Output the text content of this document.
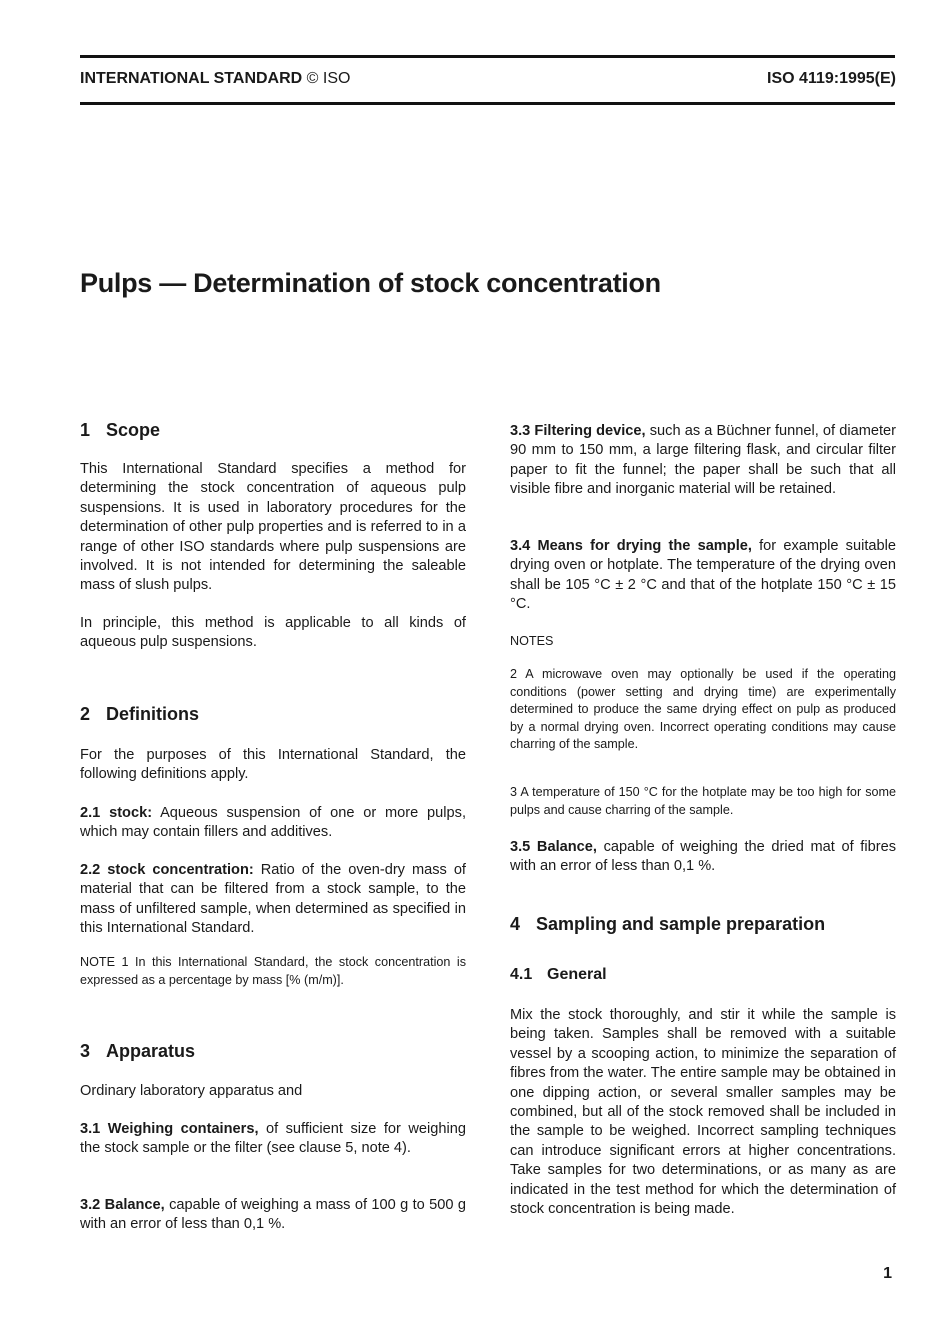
INTERNATIONAL STANDARD © ISO	ISO 4119:1995(E)
Pulps — Determination of stock concentration
1 Scope

This International Standard specifies a method for determining the stock concentration of aqueous pulp suspensions. It is used in laboratory procedures for the determination of other pulp properties and is referred to in a range of other ISO standards where pulp suspensions are involved. It is not intended for determining the saleable mass of slush pulps.

In principle, this method is applicable to all kinds of aqueous pulp suspensions.

2 Definitions

For the purposes of this International Standard, the following definitions apply.

2.1 stock: Aqueous suspension of one or more pulps, which may contain fillers and additives.

2.2 stock concentration: Ratio of the oven-dry mass of material that can be filtered from a stock sample, to the mass of unfiltered sample, when determined as specified in this International Standard.

NOTE 1 In this International Standard, the stock concentration is expressed as a percentage by mass [% (m/m)].

3 Apparatus

Ordinary laboratory apparatus and

3.1 Weighing containers, of sufficient size for weighing the stock sample or the filter (see clause 5, note 4).

3.2 Balance, capable of weighing a mass of 100 g to 500 g with an error of less than 0,1 %.

3.3 Filtering device, such as a Büchner funnel, of diameter 90 mm to 150 mm, a large filtering flask, and circular filter paper to fit the funnel; the paper shall be such that all visible fibre and inorganic material will be retained.

3.4 Means for drying the sample, for example suitable drying oven or hotplate. The temperature of the drying oven shall be 105 °C ± 2 °C and that of the hotplate 150 °C ± 15 °C.

NOTES

2 A microwave oven may optionally be used if the operating conditions (power setting and drying time) are experimentally determined to produce the same drying effect on pulp as produced by a normal drying oven. Incorrect operating conditions may cause charring of the sample.

3 A temperature of 150 °C for the hotplate may be too high for some pulps and cause charring of the sample.

3.5 Balance, capable of weighing the dried mat of fibres with an error of less than 0,1 %.

4 Sampling and sample preparation
4.1 General

Mix the stock thoroughly, and stir it while the sample is being taken. Samples shall be removed with a suitable vessel by a scooping action, to minimize the separation of fibres from the water. The entire sample may be obtained in one dipping action, or several smaller samples may be combined, but all of the stock removed shall be included in the sample to be weighed. Incorrect sampling techniques can introduce significant errors at higher concentrations. Take samples for two determinations, or as many as are indicated in the test method for which the determination of stock concentration is being made.

1
